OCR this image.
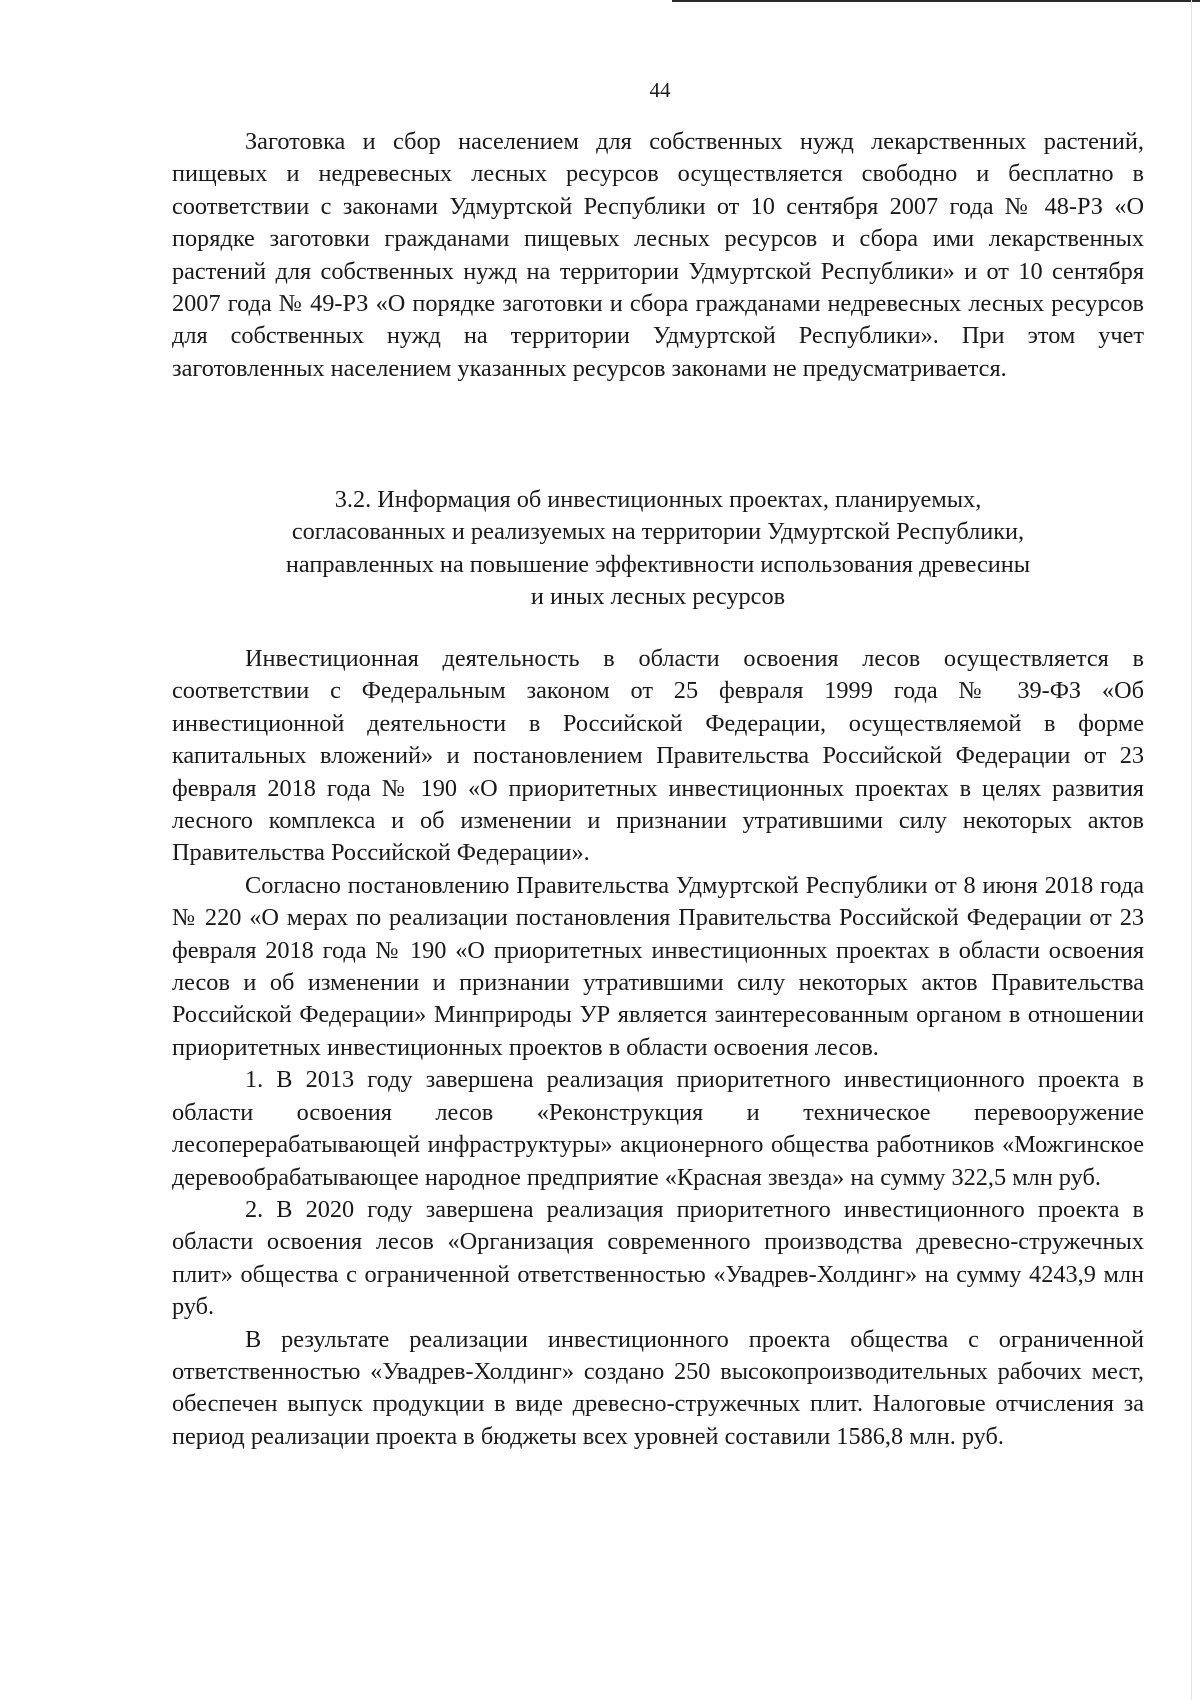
44

Заготовка и сбор населением для собственных нужд лекарственных растений, пищевых и недревесных лесных ресурсов осуществляется свободно и бесплатно в соответствии с законами Удмуртской Республики от 10 сентября 2007 года № 48-РЗ «О порядке заготовки гражданами пищевых лесных ресурсов и сбора ими лекарственных растений для собственных нужд на территории Удмуртской Республики» и от 10 сентября 2007 года № 49-РЗ «О порядке заготовки и сбора гражданами недревесных лесных ресурсов для собственных нужд на территории Удмуртской Республики». При этом учет заготовленных населением указанных ресурсов законами не предусматривается.

3.2. Информация об инвестиционных проектах, планируемых,
согласованных и реализуемых на территории Удмуртской Республики,
направленных на повышение эффективности использования древесины
и иных лесных ресурсов

Инвестиционная деятельность в области освоения лесов осуществляется в соответствии с Федеральным законом от 25 февраля 1999 года № 39-ФЗ «Об инвестиционной деятельности в Российской Федерации, осуществляемой в форме капитальных вложений» и постановлением Правительства Российской Федерации от 23 февраля 2018 года № 190 «О приоритетных инвестиционных проектах в целях развития лесного комплекса и об изменении и признании утратившими силу некоторых актов Правительства Российской Федерации».

Согласно постановлению Правительства Удмуртской Республики от 8 июня 2018 года № 220 «О мерах по реализации постановления Правительства Российской Федерации от 23 февраля 2018 года № 190 «О приоритетных инвестиционных проектах в области освоения лесов и об изменении и признании утратившими силу некоторых актов Правительства Российской Федерации» Минприроды УР является заинтересованным органом в отношении приоритетных инвестиционных проектов в области освоения лесов.

1. В 2013 году завершена реализация приоритетного инвестиционного проекта в области освоения лесов «Реконструкция и техническое перевооружение лесоперерабатывающей инфраструктуры» акционерного общества работников «Можгинское деревообрабатывающее народное предприятие «Красная звезда» на сумму 322,5 млн руб.

2. В 2020 году завершена реализация приоритетного инвестиционного проекта в области освоения лесов «Организация современного производства древесно-стружечных плит» общества с ограниченной ответственностью «Увадрев-Холдинг» на сумму 4243,9 млн руб.

В результате реализации инвестиционного проекта общества с ограниченной ответственностью «Увадрев-Холдинг» создано 250 высокопроизводительных рабочих мест, обеспечен выпуск продукции в виде древесно-стружечных плит. Налоговые отчисления за период реализации проекта в бюджеты всех уровней составили 1586,8 млн. руб.
